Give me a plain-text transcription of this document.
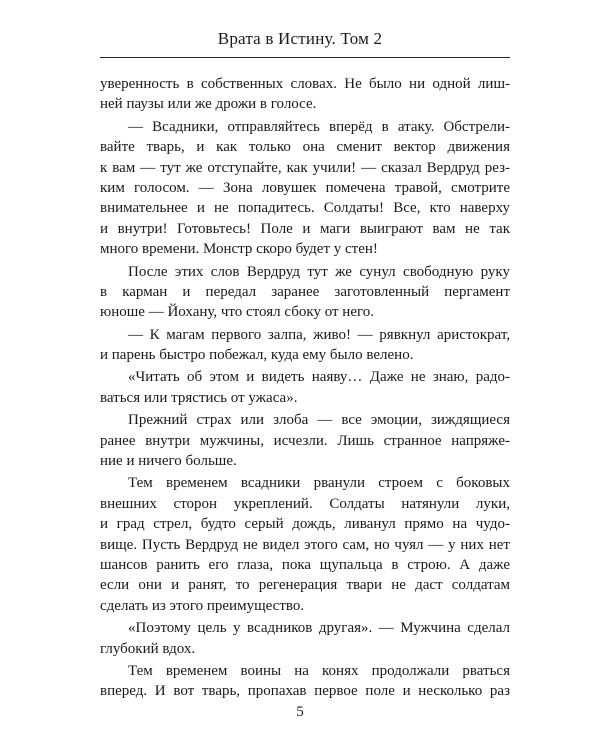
Врата в Истину. Том 2
уверенность в собственных словах. Не было ни одной лиш-
ней паузы или же дрожи в голосе.
— Всадники, отправляйтесь вперёд в атаку. Обстрели-
вайте тварь, и как только она сменит вектор движения
к вам — тут же отступайте, как учили! — сказал Вердруд рез-
ким голосом. — Зона ловушек помечена травой, смотрите
внимательнее и не попадитесь. Солдаты! Все, кто наверху
и внутри! Готовьтесь! Поле и маги выиграют вам не так
много времени. Монстр скоро будет у стен!
После этих слов Вердруд тут же сунул свободную руку
в карман и передал заранее заготовленный пергамент
юноше — Йохану, что стоял сбоку от него.
— К магам первого залпа, живо! — рявкнул аристократ,
и парень быстро побежал, куда ему было велено.
«Читать об этом и видеть наяву… Даже не знаю, радо-
ваться или трястись от ужаса».
Прежний страх или злоба — все эмоции, зиждящиеся
ранее внутри мужчины, исчезли. Лишь странное напряже-
ние и ничего больше.
Тем временем всадники рванули строем с боковых
внешних сторон укреплений. Солдаты натянули луки,
и град стрел, будто серый дождь, ливанул прямо на чудо-
вище. Пусть Вердруд не видел этого сам, но чуял — у них нет
шансов ранить его глаза, пока щупальца в строю. А даже
если они и ранят, то регенерация твари не даст солдатам
сделать из этого преимущество.
«Поэтому цель у всадников другая». — Мужчина сделал
глубокий вдох.
Тем временем воины на конях продолжали рваться
вперед. И вот тварь, пропахав первое поле и несколько раз
5
